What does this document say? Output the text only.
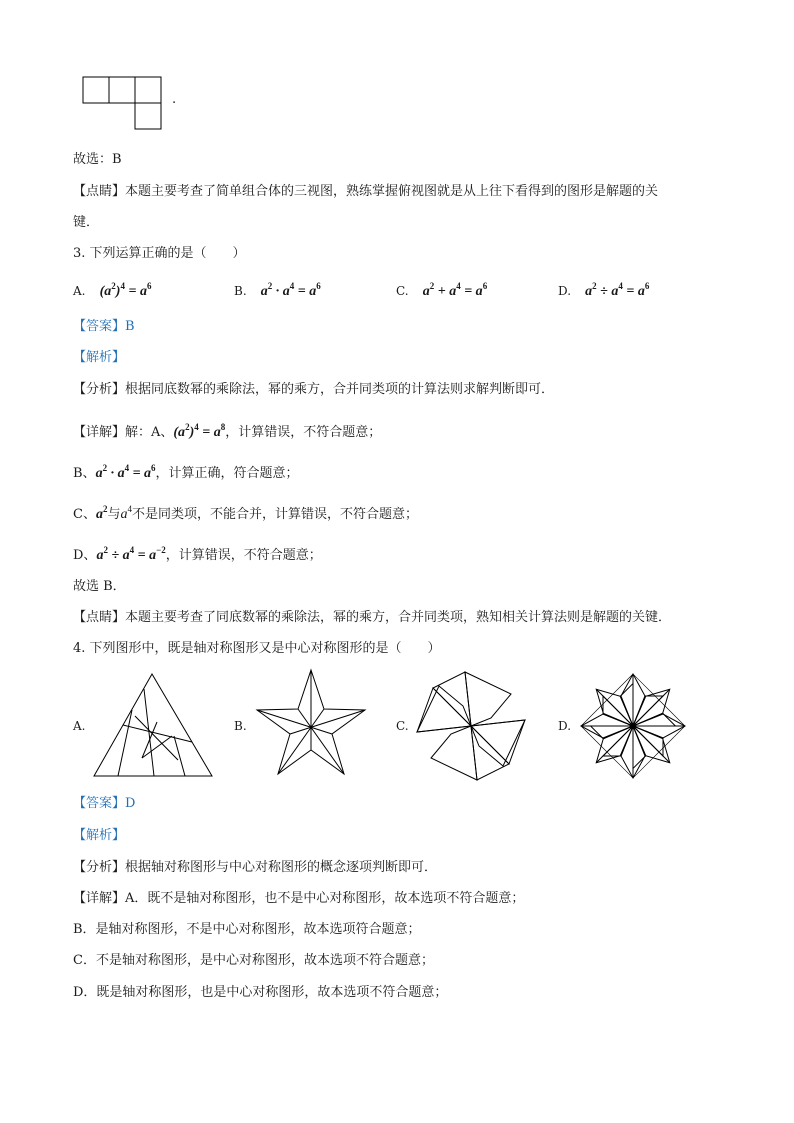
.
故选：B
【点睛】本题主要考查了简单组合体的三视图，熟练掌握俯视图就是从上往下看得到的图形是解题的关
键．
3. 下列运算正确的是（　　）
A. $(a^2)^4 = a^6$	B. $a^2 \cdot a^4 = a^6$	C. $a^2 + a^4 = a^6$	D. $a^2 \div a^4 = a^6$
【答案】B
【解析】
【分析】根据同底数幂的乘除法，幂的乘方，合并同类项的计算法则求解判断即可．
【详解】解：A、$(a^2)^4 = a^8$，计算错误，不符合题意；
B、$a^2 \cdot a^4 = a^6$，计算正确，符合题意；
C、$a^2$与$a^4$不是同类项，不能合并，计算错误，不符合题意；
D、$a^2 \div a^4 = a^{-2}$，计算错误，不符合题意；
故选 B．
【点睛】本题主要考查了同底数幂的乘除法，幂的乘方，合并同类项，熟知相关计算法则是解题的关键．
4. 下列图形中，既是轴对称图形又是中心对称图形的是（　　）
A.	B.	C.	D.
【答案】D
【解析】
【分析】根据轴对称图形与中心对称图形的概念逐项判断即可．
【详解】A．既不是轴对称图形，也不是中心对称图形，故本选项不符合题意；
B．是轴对称图形，不是中心对称图形，故本选项符合题意；
C．不是轴对称图形，是中心对称图形，故本选项不符合题意；
D．既是轴对称图形，也是中心对称图形，故本选项不符合题意；
